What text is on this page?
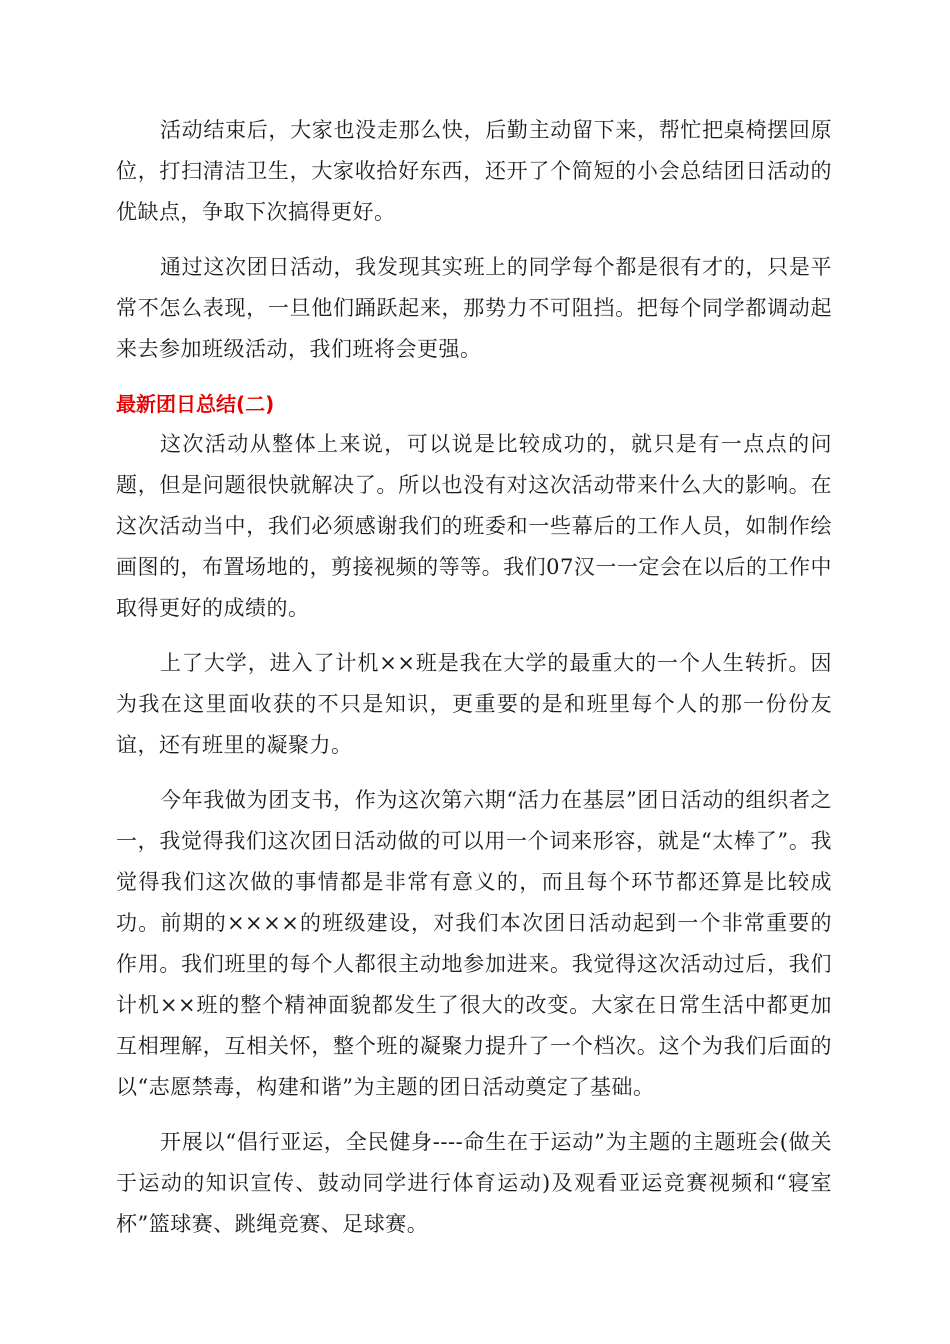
活动结束后，大家也没走那么快，后勤主动留下来，帮忙把桌椅摆回原位，打扫清洁卫生，大家收拾好东西，还开了个简短的小会总结团日活动的优缺点，争取下次搞得更好。

通过这次团日活动，我发现其实班上的同学每个都是很有才的，只是平常不怎么表现，一旦他们踊跃起来，那势力不可阻挡。把每个同学都调动起来去参加班级活动，我们班将会更强。

最新团日总结(二)

这次活动从整体上来说，可以说是比较成功的，就只是有一点点的问题，但是问题很快就解决了。所以也没有对这次活动带来什么大的影响。在这次活动当中，我们必须感谢我们的班委和一些幕后的工作人员，如制作绘画图的，布置场地的，剪接视频的等等。我们07汉一一定会在以后的工作中取得更好的成绩的。

上了大学，进入了计机××班是我在大学的最重大的一个人生转折。因为我在这里面收获的不只是知识，更重要的是和班里每个人的那一份份友谊，还有班里的凝聚力。

今年我做为团支书，作为这次第六期“活力在基层”团日活动的组织者之一，我觉得我们这次团日活动做的可以用一个词来形容，就是“太棒了”。我觉得我们这次做的事情都是非常有意义的，而且每个环节都还算是比较成功。前期的××××的班级建设，对我们本次团日活动起到一个非常重要的作用。我们班里的每个人都很主动地参加进来。我觉得这次活动过后，我们计机××班的整个精神面貌都发生了很大的改变。大家在日常生活中都更加互相理解，互相关怀，整个班的凝聚力提升了一个档次。这个为我们后面的以“志愿禁毒，构建和谐”为主题的团日活动奠定了基础。

开展以“倡行亚运，全民健身----命生在于运动”为主题的主题班会(做关于运动的知识宣传、鼓动同学进行体育运动)及观看亚运竞赛视频和“寝室杯”篮球赛、跳绳竞赛、足球赛。
